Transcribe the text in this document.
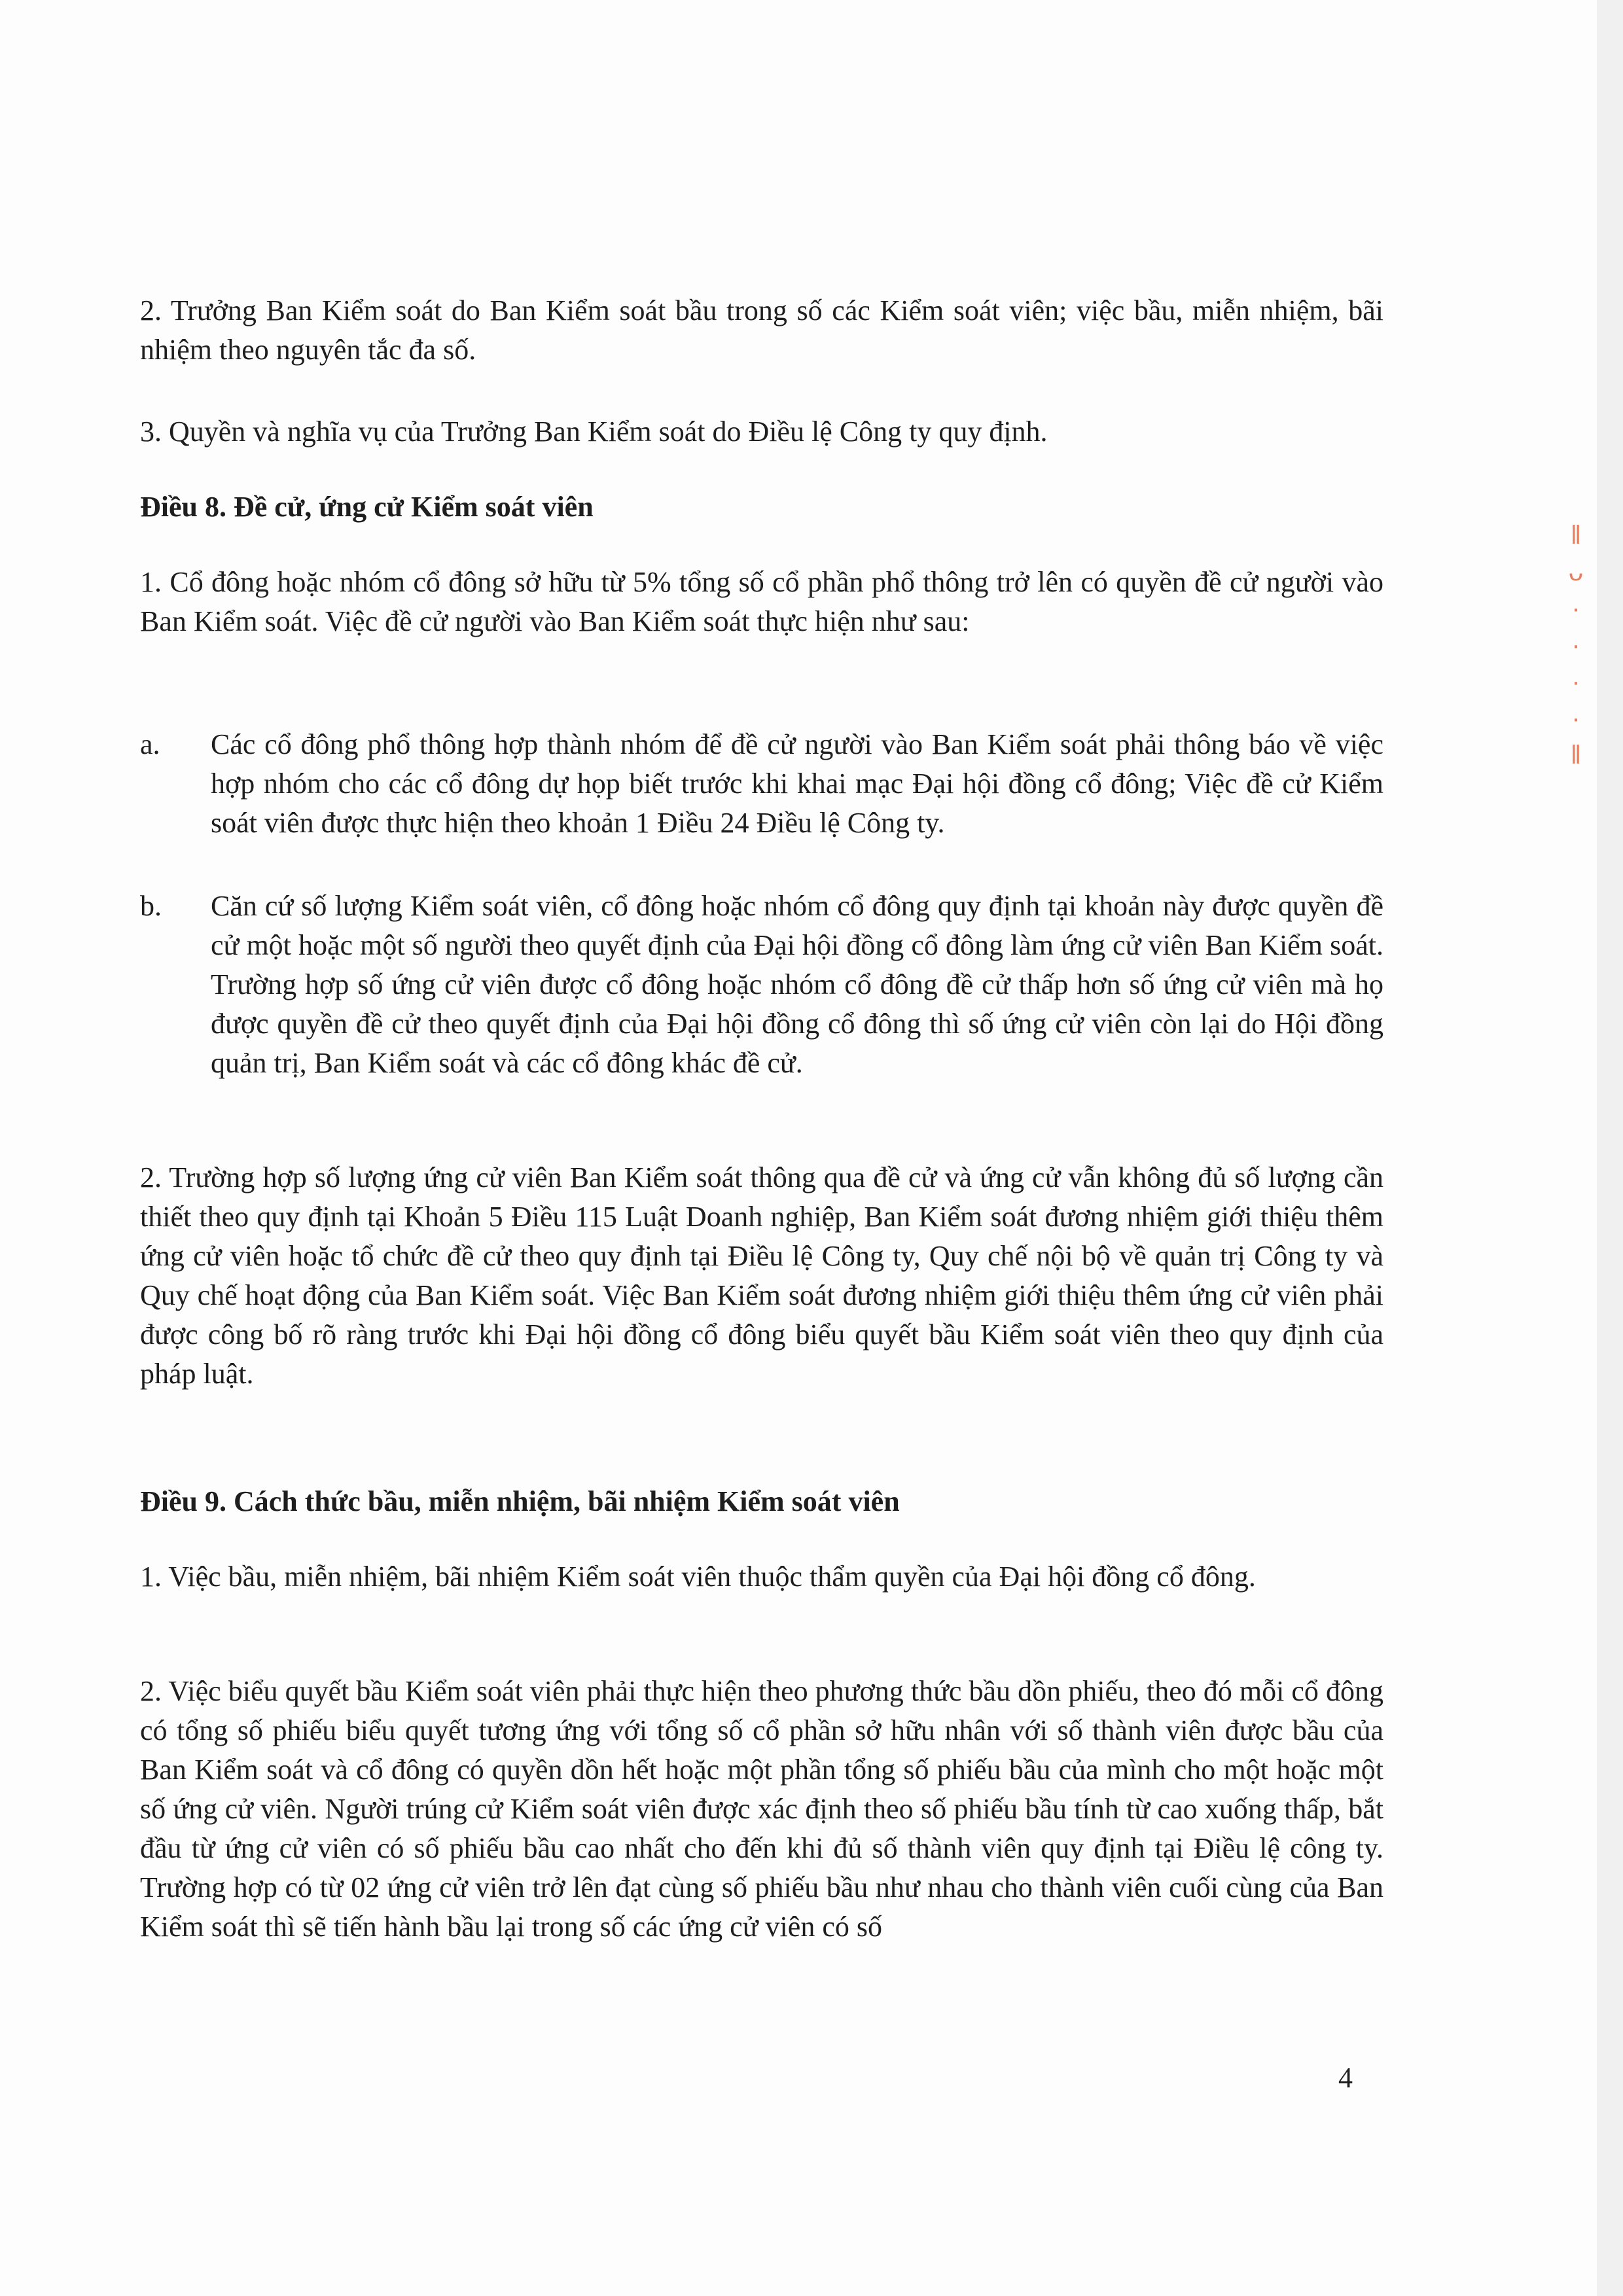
2. Trưởng Ban Kiểm soát do Ban Kiểm soát bầu trong số các Kiểm soát viên; việc bầu, miễn nhiệm, bãi nhiệm theo nguyên tắc đa số.
3. Quyền và nghĩa vụ của Trưởng Ban Kiểm soát do Điều lệ Công ty quy định.
Điều 8. Đề cử, ứng cử Kiểm soát viên
1. Cổ đông hoặc nhóm cổ đông sở hữu từ 5% tổng số cổ phần phổ thông trở lên có quyền đề cử người vào Ban Kiểm soát. Việc đề cử người vào Ban Kiểm soát thực hiện như sau:
a.	Các cổ đông phổ thông hợp thành nhóm để đề cử người vào Ban Kiểm soát phải thông báo về việc hợp nhóm cho các cổ đông dự họp biết trước khi khai mạc Đại hội đồng cổ đông; Việc đề cử Kiểm soát viên được thực hiện theo khoản 1 Điều 24 Điều lệ Công ty.
b.	Căn cứ số lượng Kiểm soát viên, cổ đông hoặc nhóm cổ đông quy định tại khoản này được quyền đề cử một hoặc một số người theo quyết định của Đại hội đồng cổ đông làm ứng cử viên Ban Kiểm soát. Trường hợp số ứng cử viên được cổ đông hoặc nhóm cổ đông đề cử thấp hơn số ứng cử viên mà họ được quyền đề cử theo quyết định của Đại hội đồng cổ đông thì số ứng cử viên còn lại do Hội đồng quản trị, Ban Kiểm soát và các cổ đông khác đề cử.
2. Trường hợp số lượng ứng cử viên Ban Kiểm soát thông qua đề cử và ứng cử vẫn không đủ số lượng cần thiết theo quy định tại Khoản 5 Điều 115 Luật Doanh nghiệp, Ban Kiểm soát đương nhiệm giới thiệu thêm ứng cử viên hoặc tổ chức đề cử theo quy định tại Điều lệ Công ty, Quy chế nội bộ về quản trị Công ty và Quy chế hoạt động của Ban Kiểm soát. Việc Ban Kiểm soát đương nhiệm giới thiệu thêm ứng cử viên phải được công bố rõ ràng trước khi Đại hội đồng cổ đông biểu quyết bầu Kiểm soát viên theo quy định của pháp luật.
Điều 9. Cách thức bầu, miễn nhiệm, bãi nhiệm Kiểm soát viên
1. Việc bầu, miễn nhiệm, bãi nhiệm Kiểm soát viên thuộc thẩm quyền của Đại hội đồng cổ đông.
2. Việc biểu quyết bầu Kiểm soát viên phải thực hiện theo phương thức bầu dồn phiếu, theo đó mỗi cổ đông có tổng số phiếu biểu quyết tương ứng với tổng số cổ phần sở hữu nhân với số thành viên được bầu của Ban Kiểm soát và cổ đông có quyền dồn hết hoặc một phần tổng số phiếu bầu của mình cho một hoặc một số ứng cử viên. Người trúng cử Kiểm soát viên được xác định theo số phiếu bầu tính từ cao xuống thấp, bắt đầu từ ứng cử viên có số phiếu bầu cao nhất cho đến khi đủ số thành viên quy định tại Điều lệ công ty. Trường hợp có từ 02 ứng cử viên trở lên đạt cùng số phiếu bầu như nhau cho thành viên cuối cùng của Ban Kiểm soát thì sẽ tiến hành bầu lại trong số các ứng cử viên có số
4
‖
ᴗ
·
·
·
·
‖
